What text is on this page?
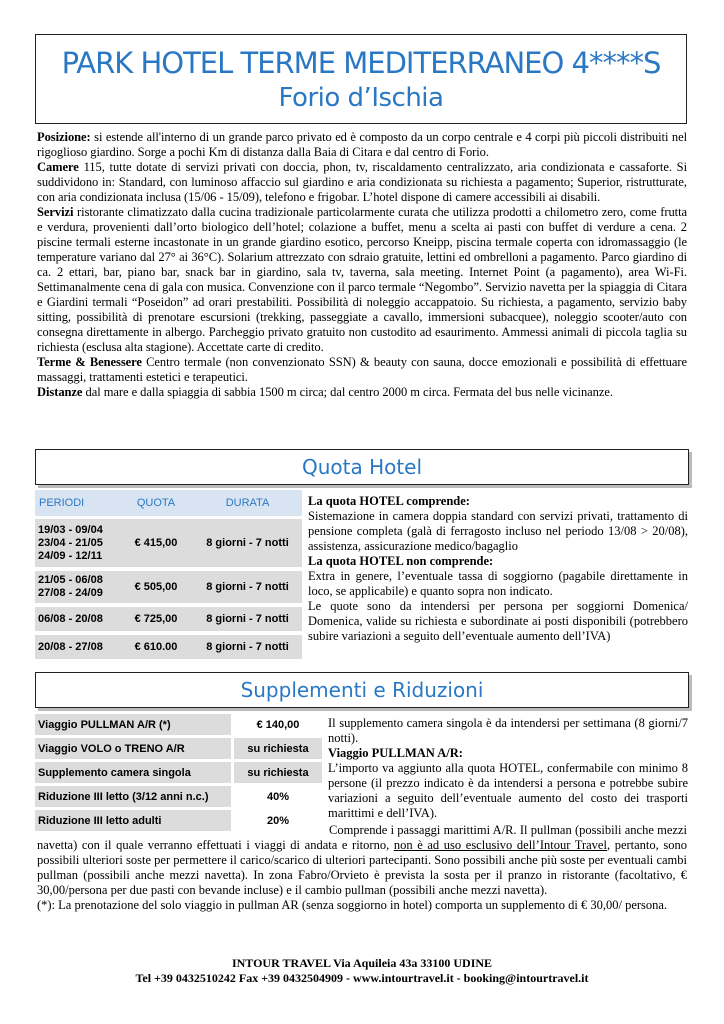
PARK HOTEL TERME MEDITERRANEO 4****S
Forio d’Ischia

Posizione: si estende all'interno di un grande parco privato ed è composto da un corpo centrale e 4 corpi più piccoli distribuiti nel rigoglioso giardino. Sorge a pochi Km di distanza dalla Baia di Citara e dal centro di Forio.

Camere 115, tutte dotate di servizi privati con doccia, phon, tv, riscaldamento centralizzato, aria condizionata e cassaforte. Si suddividono in: Standard, con luminoso affaccio sul giardino e aria condizionata su richiesta a pagamento; Superior, ristrutturate, con aria condizionata inclusa (15/06 - 15/09), telefono e frigobar. L’hotel dispone di camere accessibili ai disabili.

Servizi ristorante climatizzato dalla cucina tradizionale particolarmente curata che utilizza prodotti a chilometro zero, come frutta e verdura, provenienti dall’orto biologico dell’hotel; colazione a buffet, menu a scelta ai pasti con buffet di verdure a cena. 2 piscine termali esterne incastonate in un grande giardino esotico, percorso Kneipp, piscina termale coperta con idromassaggio (le temperature variano dal 27° ai 36°C). Solarium attrezzato con sdraio gratuite, lettini ed ombrelloni a pagamento. Parco giardino di ca. 2 ettari, bar, piano bar, snack bar in giardino, sala tv, taverna, sala meeting. Internet Point (a pagamento), area Wi-Fi. Settimanalmente cena di gala con musica. Convenzione con il parco termale “Negombo”. Servizio navetta per la spiaggia di Citara e Giardini termali “Poseidon” ad orari prestabiliti. Possibilità di noleggio accappatoio. Su richiesta, a pagamento, servizio baby sitting, possibilità di prenotare escursioni (trekking, passeggiate a cavallo, immersioni subacquee), noleggio scooter/auto con consegna direttamente in albergo. Parcheggio privato gratuito non custodito ad esaurimento. Ammessi animali di piccola taglia su richiesta (esclusa alta stagione). Accettate carte di credito.

Terme & Benessere Centro termale (non convenzionato SSN) & beauty con sauna, docce emozionali e possibilità di effettuare massaggi, trattamenti estetici e terapeutici.

Distanze dal mare e dalla spiaggia di sabbia 1500 m circa; dal centro 2000 m circa. Fermata del bus nelle vicinanze.

Quota Hotel
PERIODI	QUOTA	DURATA

19/03 - 09/04
23/04 - 21/05
24/09 - 12/11	€ 415,00	8 giorni - 7 notti

21/05 - 06/08
27/08 - 24/09	€ 505,00	8 giorni - 7 notti

06/08 - 20/08	€ 725,00	8 giorni - 7 notti

20/08 - 27/08	€ 610.00	8 giorni - 7 notti

La quota HOTEL comprende:

Sistemazione in camera doppia standard con servizi privati, trattamento di pensione completa (galà di ferragosto incluso nel periodo 13/08 > 20/08), assistenza, assicurazione medico/bagaglio

La quota HOTEL non comprende:

Extra in genere, l’eventuale tassa di soggiorno (pagabile direttamente in loco, se applicabile) e quanto sopra non indicato.

Le quote sono da intendersi per persona per soggiorni Domenica/ Domenica, valide su richiesta e subordinate ai posti disponibili (potrebbero subire variazioni a seguito dell’eventuale aumento dell’IVA)

Supplementi e Riduzioni
Viaggio PULLMAN A/R (*)	€ 140,00
Viaggio VOLO o TRENO A/R	su richiesta
Supplemento camera singola	su richiesta
Riduzione III letto (3/12 anni n.c.)	40%
Riduzione III letto adulti	20%

Il supplemento camera singola è da intendersi per settimana (8 giorni/7 notti).

Viaggio PULLMAN A/R:

L’importo va aggiunto alla quota HOTEL, confermabile con minimo 8 persone (il prezzo indicato è da intendersi a persona e potrebbe subire variazioni a seguito dell’eventuale aumento del costo dei trasporti marittimi e dell’IVA).

Comprende i passaggi marittimi A/R. Il pullman (possibili anche mezzi navetta) con il quale verranno effettuati i viaggi di andata e ritorno, non è ad uso esclusivo dell’Intour Travel, pertanto, sono possibili ulteriori soste per permettere il carico/scarico di ulteriori partecipanti. Sono possibili anche più soste per eventuali cambi pullman (possibili anche mezzi navetta). In zona Fabro/Orvieto è prevista la sosta per il pranzo in ristorante (facoltativo, € 30,00/persona per due pasti con bevande incluse) e il cambio pullman (possibili anche mezzi navetta).

(*): La prenotazione del solo viaggio in pullman AR (senza soggiorno in hotel) comporta un supplemento di € 30,00/ persona.

INTOUR TRAVEL Via Aquileia 43a 33100 UDINE
Tel +39 0432510242 Fax +39 0432504909 - www.intourtravel.it - booking@intourtravel.it
